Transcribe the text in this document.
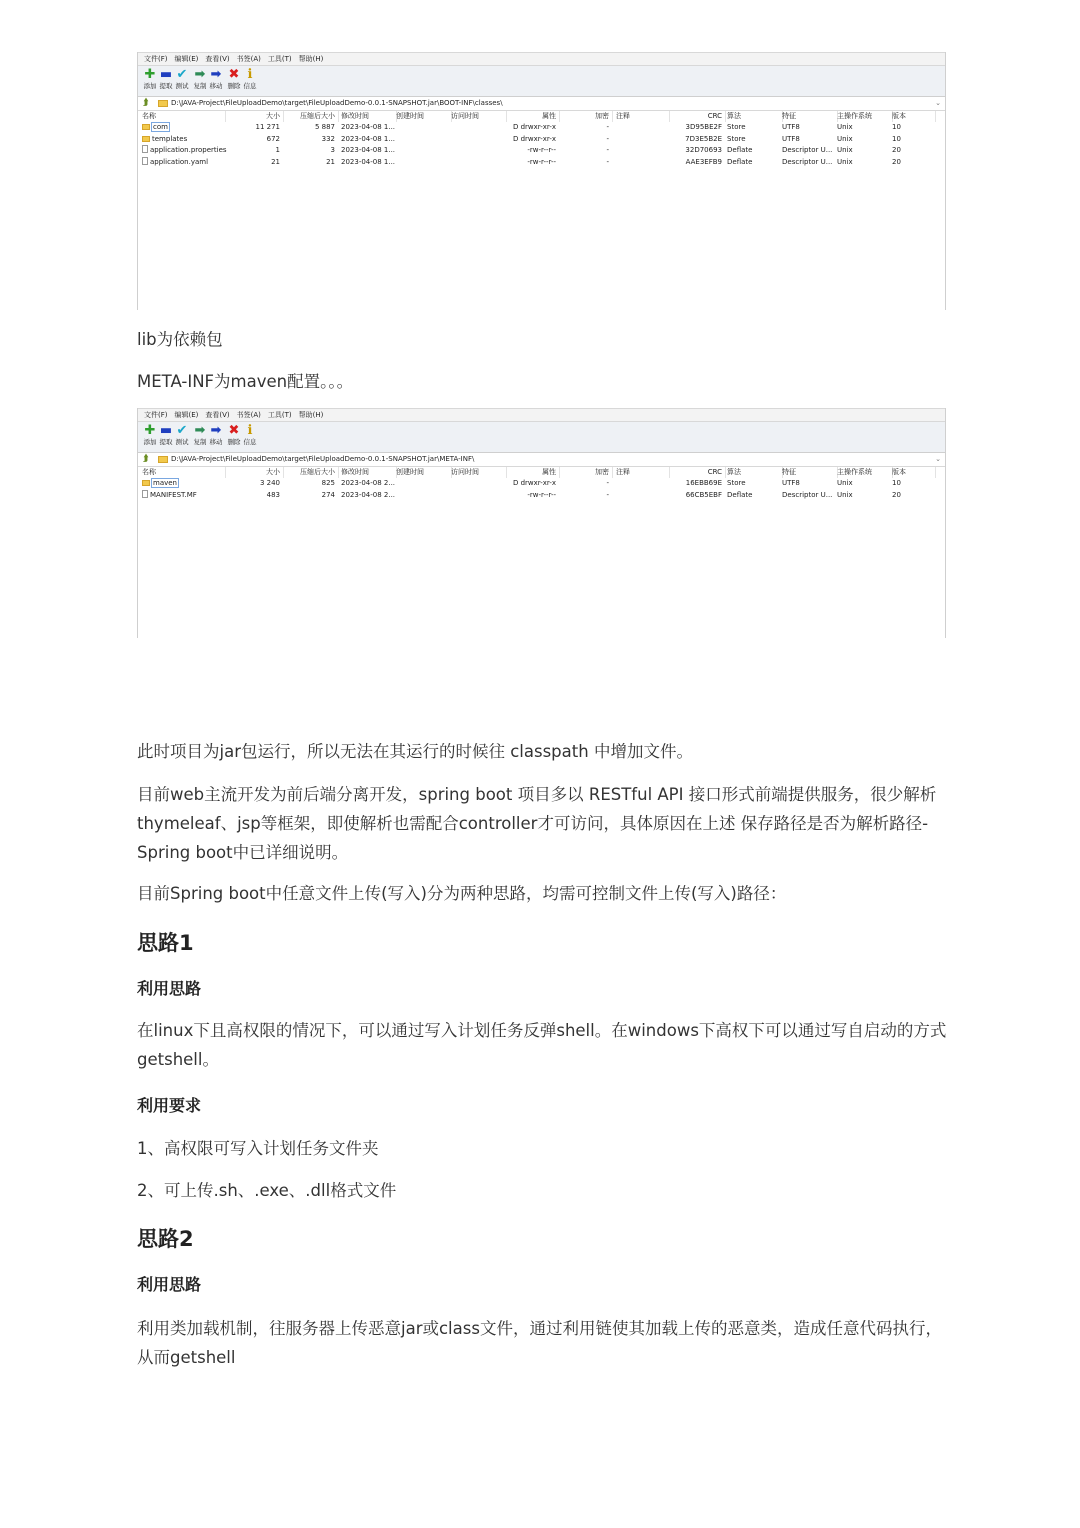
文件(F) 编辑(E) 查看(V) 书签(A) 工具(T) 帮助(H)
✚
添加
▬
提取
✔
测试
➡
复制
➡
移动
✖
删除
ℹ
信息
⮭	D:\JAVA-Project\FileUploadDemo\target\FileUploadDemo-0.0.1-SNAPSHOT.jar\BOOT-INF\classes\	⌄
名称	大小	压缩后大小 修改时间	创建时间	访问时间	属性	加密 注释	CRC 算法	特征	主操作系统	版本
com	11 271	5 887 2023-04-08 1...	D drwxr-xr-x	-	3D95BE2F Store	UTF8	Unix	10
templates	672	332 2023-04-08 1...	D drwxr-xr-x	-	7D3E5B2E Store	UTF8	Unix	10
application.properties	1	3 2023-04-08 1...	-rw-r--r--	-	32D70693 Deflate	Descriptor U... Unix	20
application.yaml	21	21 2023-04-08 1...	-rw-r--r--	-	AAE3EFB9 Deflate	Descriptor U... Unix	20
lib为依赖包
META-INF为maven配置。。。
文件(F) 编辑(E) 查看(V) 书签(A) 工具(T) 帮助(H)
✚
添加
▬
提取
✔
测试
➡
复制
➡
移动
✖
删除
ℹ
信息
⮭	D:\JAVA-Project\FileUploadDemo\target\FileUploadDemo-0.0.1-SNAPSHOT.jar\META-INF\	⌄
名称	大小	压缩后大小 修改时间	创建时间	访问时间	属性	加密 注释	CRC 算法	特征	主操作系统	版本
maven	3 240	825 2023-04-08 2...	D drwxr-xr-x	-	16EBB69E Store	UTF8	Unix	10
MANIFEST.MF	483	274 2023-04-08 2...	-rw-r--r--	-	66CB5EBF Deflate	Descriptor U... Unix	20
此时项目为jar包运行，所以无法在其运行的时候往 classpath 中增加文件。
目前web主流开发为前后端分离开发，spring boot 项目多以 RESTful API 接口形式前端提供服务，很少解析thymeleaf、jsp等框架，即使解析也需配合controller才可访问，具体原因在上述 保存路径是否为解析路径-Spring boot中已详细说明。
目前Spring boot中任意文件上传(写入)分为两种思路，均需可控制文件上传(写入)路径：
思路1
利用思路
在linux下且高权限的情况下，可以通过写入计划任务反弹shell。在windows下高权下可以通过写自启动的方式getshell。
利用要求
1、高权限可写入计划任务文件夹
2、可上传.sh、.exe、.dll格式文件
思路2
利用思路
利用类加载机制，往服务器上传恶意jar或class文件，通过利用链使其加载上传的恶意类，造成任意代码执行，从而getshell
